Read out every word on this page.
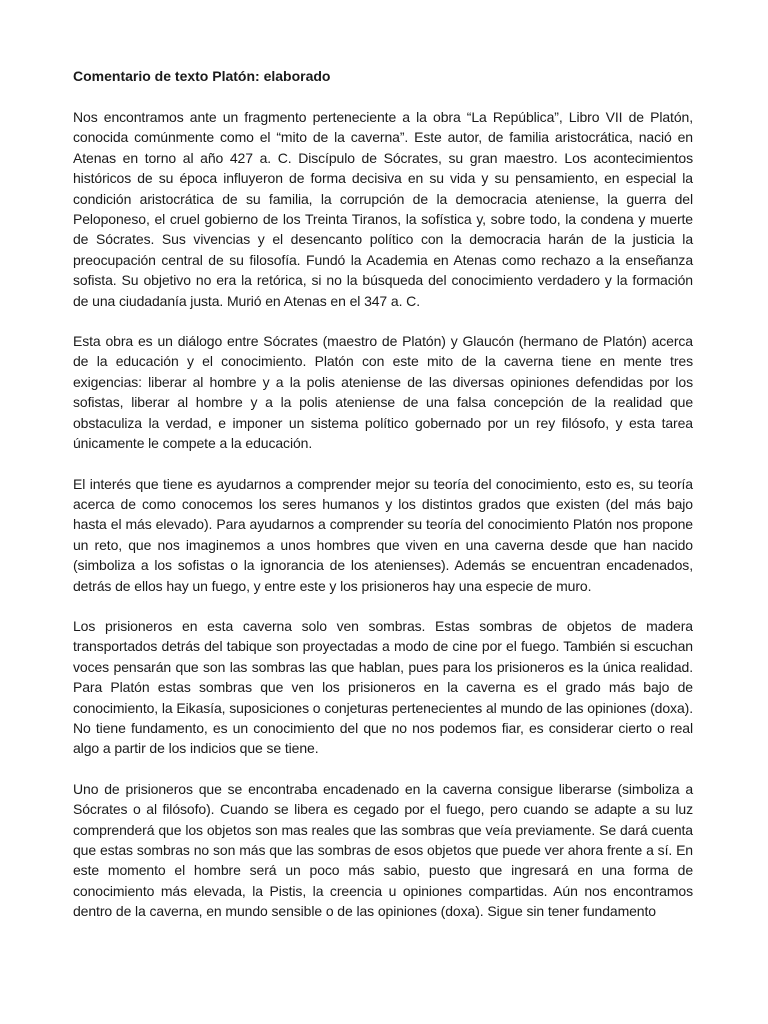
Comentario de texto Platón: elaborado

Nos encontramos ante un fragmento perteneciente a la obra “La República”, Libro VII de Platón, conocida comúnmente como el “mito de la caverna”. Este autor, de familia aristocrática, nació en Atenas en torno al año 427 a. C. Discípulo de Sócrates, su gran maestro. Los acontecimientos históricos de su época influyeron de forma decisiva en su vida y su pensamiento, en especial la condición aristocrática de su familia, la corrupción de la democracia ateniense, la guerra del Peloponeso, el cruel gobierno de los Treinta Tiranos, la sofística y, sobre todo, la condena y muerte de Sócrates. Sus vivencias y el desencanto político con la democracia harán de la justicia la preocupación central de su filosofía. Fundó la Academia en Atenas como rechazo a la enseñanza sofista. Su objetivo no era la retórica, si no la búsqueda del conocimiento verdadero y la formación de una ciudadanía justa. Murió en Atenas en el 347 a. C.

Esta obra es un diálogo entre Sócrates (maestro de Platón) y Glaucón (hermano de Platón) acerca de la educación y el conocimiento. Platón con este mito de la caverna tiene en mente tres exigencias: liberar al hombre y a la polis ateniense de las diversas opiniones defendidas por los sofistas, liberar al hombre y a la polis ateniense de una falsa concepción de la realidad que obstaculiza la verdad, e imponer un sistema político gobernado por un rey filósofo, y esta tarea únicamente le compete a la educación.

El interés que tiene es ayudarnos a comprender mejor su teoría del conocimiento, esto es, su teoría acerca de como conocemos los seres humanos y los distintos grados que existen (del más bajo hasta el más elevado). Para ayudarnos a comprender su teoría del conocimiento Platón nos propone un reto, que nos imaginemos a unos hombres que viven en una caverna desde que han nacido (simboliza a los sofistas o la ignorancia de los atenienses). Además se encuentran encadenados, detrás de ellos hay un fuego, y entre este y los prisioneros hay una especie de muro.

Los prisioneros en esta caverna solo ven sombras. Estas sombras de objetos de madera transportados detrás del tabique son proyectadas a modo de cine por el fuego. También si escuchan voces pensarán que son las sombras las que hablan, pues para los prisioneros es la única realidad. Para Platón estas sombras que ven los prisioneros en la caverna es el grado más bajo de conocimiento, la Eikasía, suposiciones o conjeturas pertenecientes al mundo de las opiniones (doxa). No tiene fundamento, es un conocimiento del que no nos podemos fiar, es considerar cierto o real algo a partir de los indicios que se tiene.

Uno de prisioneros que se encontraba encadenado en la caverna consigue liberarse (simboliza a Sócrates o al filósofo). Cuando se libera es cegado por el fuego, pero cuando se adapte a su luz comprenderá que los objetos son mas reales que las sombras que veía previamente. Se dará cuenta que estas sombras no son más que las sombras de esos objetos que puede ver ahora frente a sí. En este momento el hombre será un poco más sabio, puesto que ingresará en una forma de conocimiento más elevada, la Pistis, la creencia u opiniones compartidas. Aún nos encontramos dentro de la caverna, en mundo sensible o de las opiniones (doxa). Sigue sin tener fundamento
